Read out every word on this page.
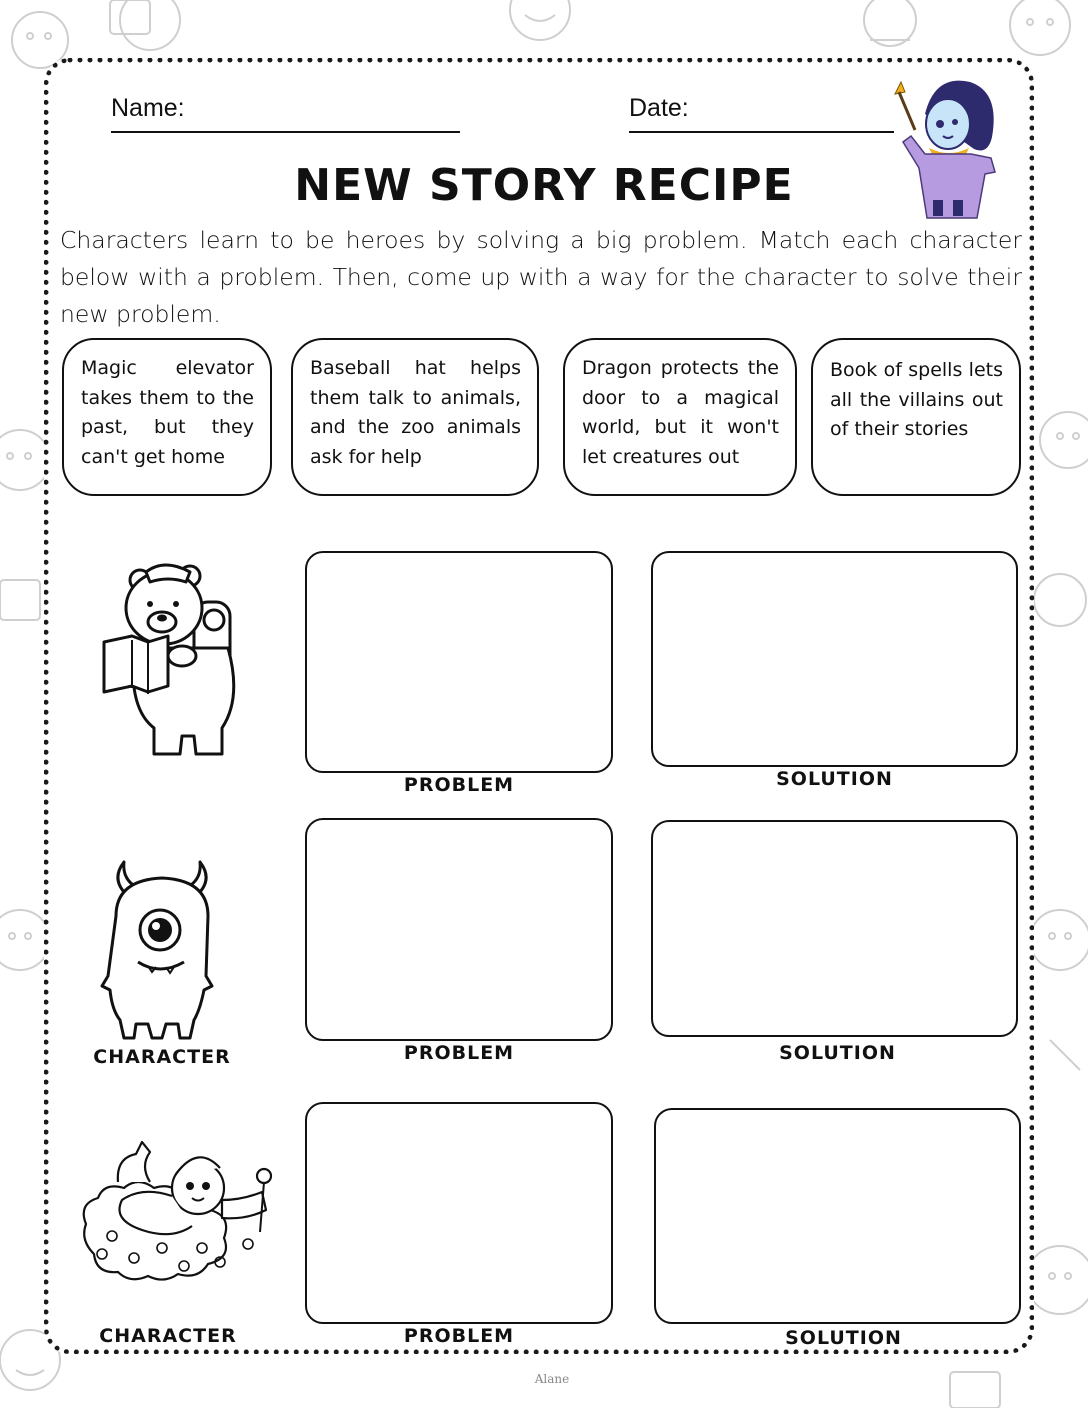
Name:	Date:
NEW STORY RECIPE
Characters learn to be heroes by solving a big problem. Match each character below with a problem. Then, come up with a way for the character to solve their new problem.
Magic elevator takes them to the past, but they can't get home
Baseball hat helps them talk to animals, and the zoo animals ask for help
Dragon protects the door to a magical world, but it won't let creatures out
Book of spells lets all the villains out of their stories
PROBLEM	SOLUTION
CHARACTER	PROBLEM	SOLUTION
CHARACTER	PROBLEM	SOLUTION
Alane
